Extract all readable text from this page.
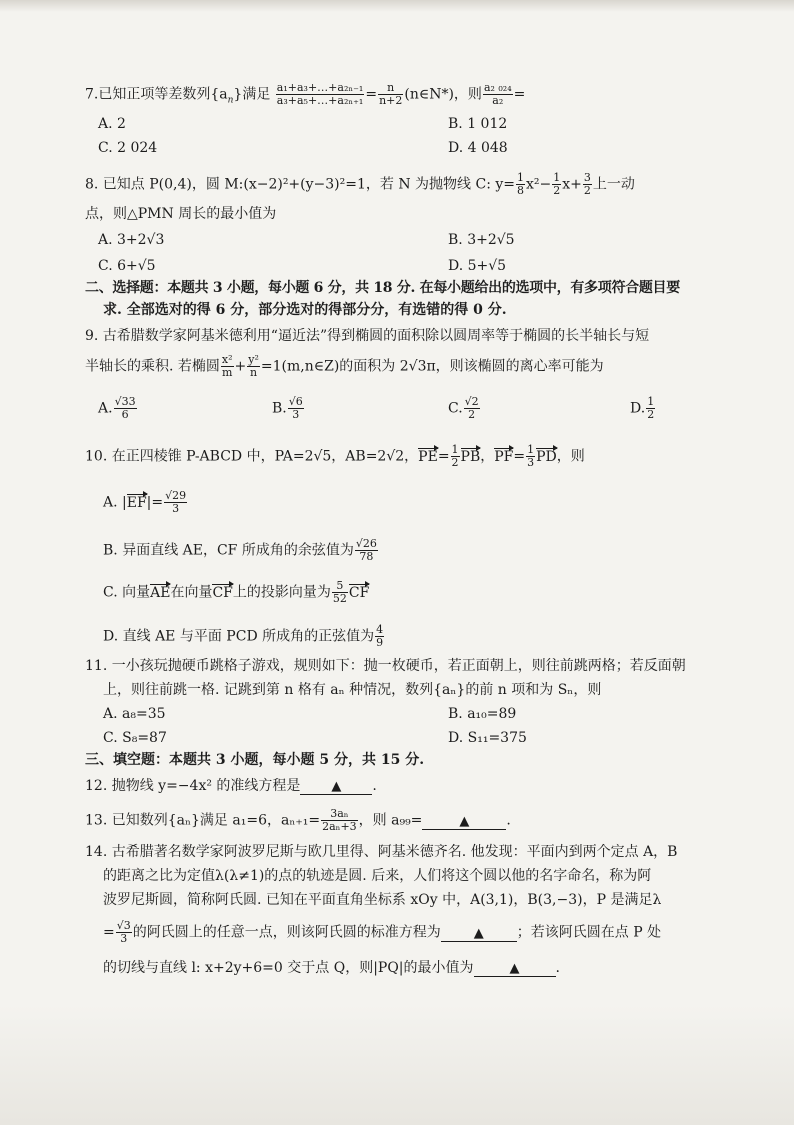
7.已知正项等差数列$\{a_n\}$满足 $\frac{\text{a₁+a₃+…+a₂ₙ₋₁}}{\text{a₃+a₅+…+a₂ₙ₊₁}} = \frac{n}{n+2}$ (n∈N*)，则 $\frac{\text{a₂ ₀₂₄}}{\text{a₂}}$ =
A. 2	B. 1 012
C. 2 024	D. 4 048
8. 已知点 P(0,4)，圆 M:(x−2)²+(y−3)²=1，若 N 为抛物线 C: $y= \frac{1}{8} x^2- \frac{1}{2} x+ \frac{3}{2}$ 上一动
点，则△PMN 周长的最小值为
A. 3+2√3	B. 3+2√5
C. 6+√5	D. 5+√5
二、选择题：本题共 3 小题，每小题 6 分，共 18 分. 在每小题给出的选项中，有多项符合题目要
求. 全部选对的得 6 分，部分选对的得部分分，有选错的得 0 分.
9. 古希腊数学家阿基米德利用“逼近法”得到椭圆的面积除以圆周率等于椭圆的长半轴长与短
半轴长的乘积. 若椭圆 $\frac{\text{x²}}{m} + \frac{\text{y²}}{n}$ =1(m,n∈Z)的面积为 2√3π，则该椭圆的离心率可能为
A. $\frac{√33}{6}$	B. $\frac{√6}{3}$	C. $\frac{√2}{2}$	D. $\frac{1}{2}$
10. 在正四棱锥 P-ABCD 中，PA=2√5，AB=2√2，$PE= \frac{1}{2}$ PB，$PF= \frac{1}{3}$ PD，则
A. $|EF|= \frac{√29}{3}$
B. 异面直线 AE，CF 所成角的余弦值为 $\frac{√26}{78}$
C. 向量AE在向量CF上的投影向量为 $\frac{5}{52}$ CF
D. 直线 AE 与平面 PCD 所成角的正弦值为 $\frac{4}{9}$
11. 一小孩玩抛硬币跳格子游戏，规则如下：抛一枚硬币，若正面朝上，则往前跳两格；若反面朝
上，则往前跳一格. 记跳到第 n 格有 aₙ 种情况，数列{aₙ}的前 n 项和为 Sₙ，则
A. a₈=35	B. a₁₀=89
C. S₈=87	D. S₁₁=375
三、填空题：本题共 3 小题，每小题 5 分，共 15 分.
12. 抛物线 y=−4x² 的准线方程是 ▲ .
13. 已知数列{aₙ}满足 a₁=6，$a_{n+1}= \frac{\text{3aₙ}}{\text{2aₙ+3}}$ ，则 a₉₉=	▲	.
14. 古希腊著名数学家阿波罗尼斯与欧几里得、阿基米德齐名. 他发现：平面内到两个定点 A，B
的距离之比为定值λ(λ≠1)的点的轨迹是圆. 后来，人们将这个圆以他的名字命名，称为阿
波罗尼斯圆，简称阿氏圆. 已知在平面直角坐标系 xOy 中，A(3,1)，B(3,−3)，P 是满足λ
= $\frac{√3}{3}$ 的阿氏圆上的任意一点，则该阿氏圆的标准方程为	▲ ；若该阿氏圆在点 P 处
的切线与直线 l: x+2y+6=0 交于点 Q，则|PQ|的最小值为	▲	.
